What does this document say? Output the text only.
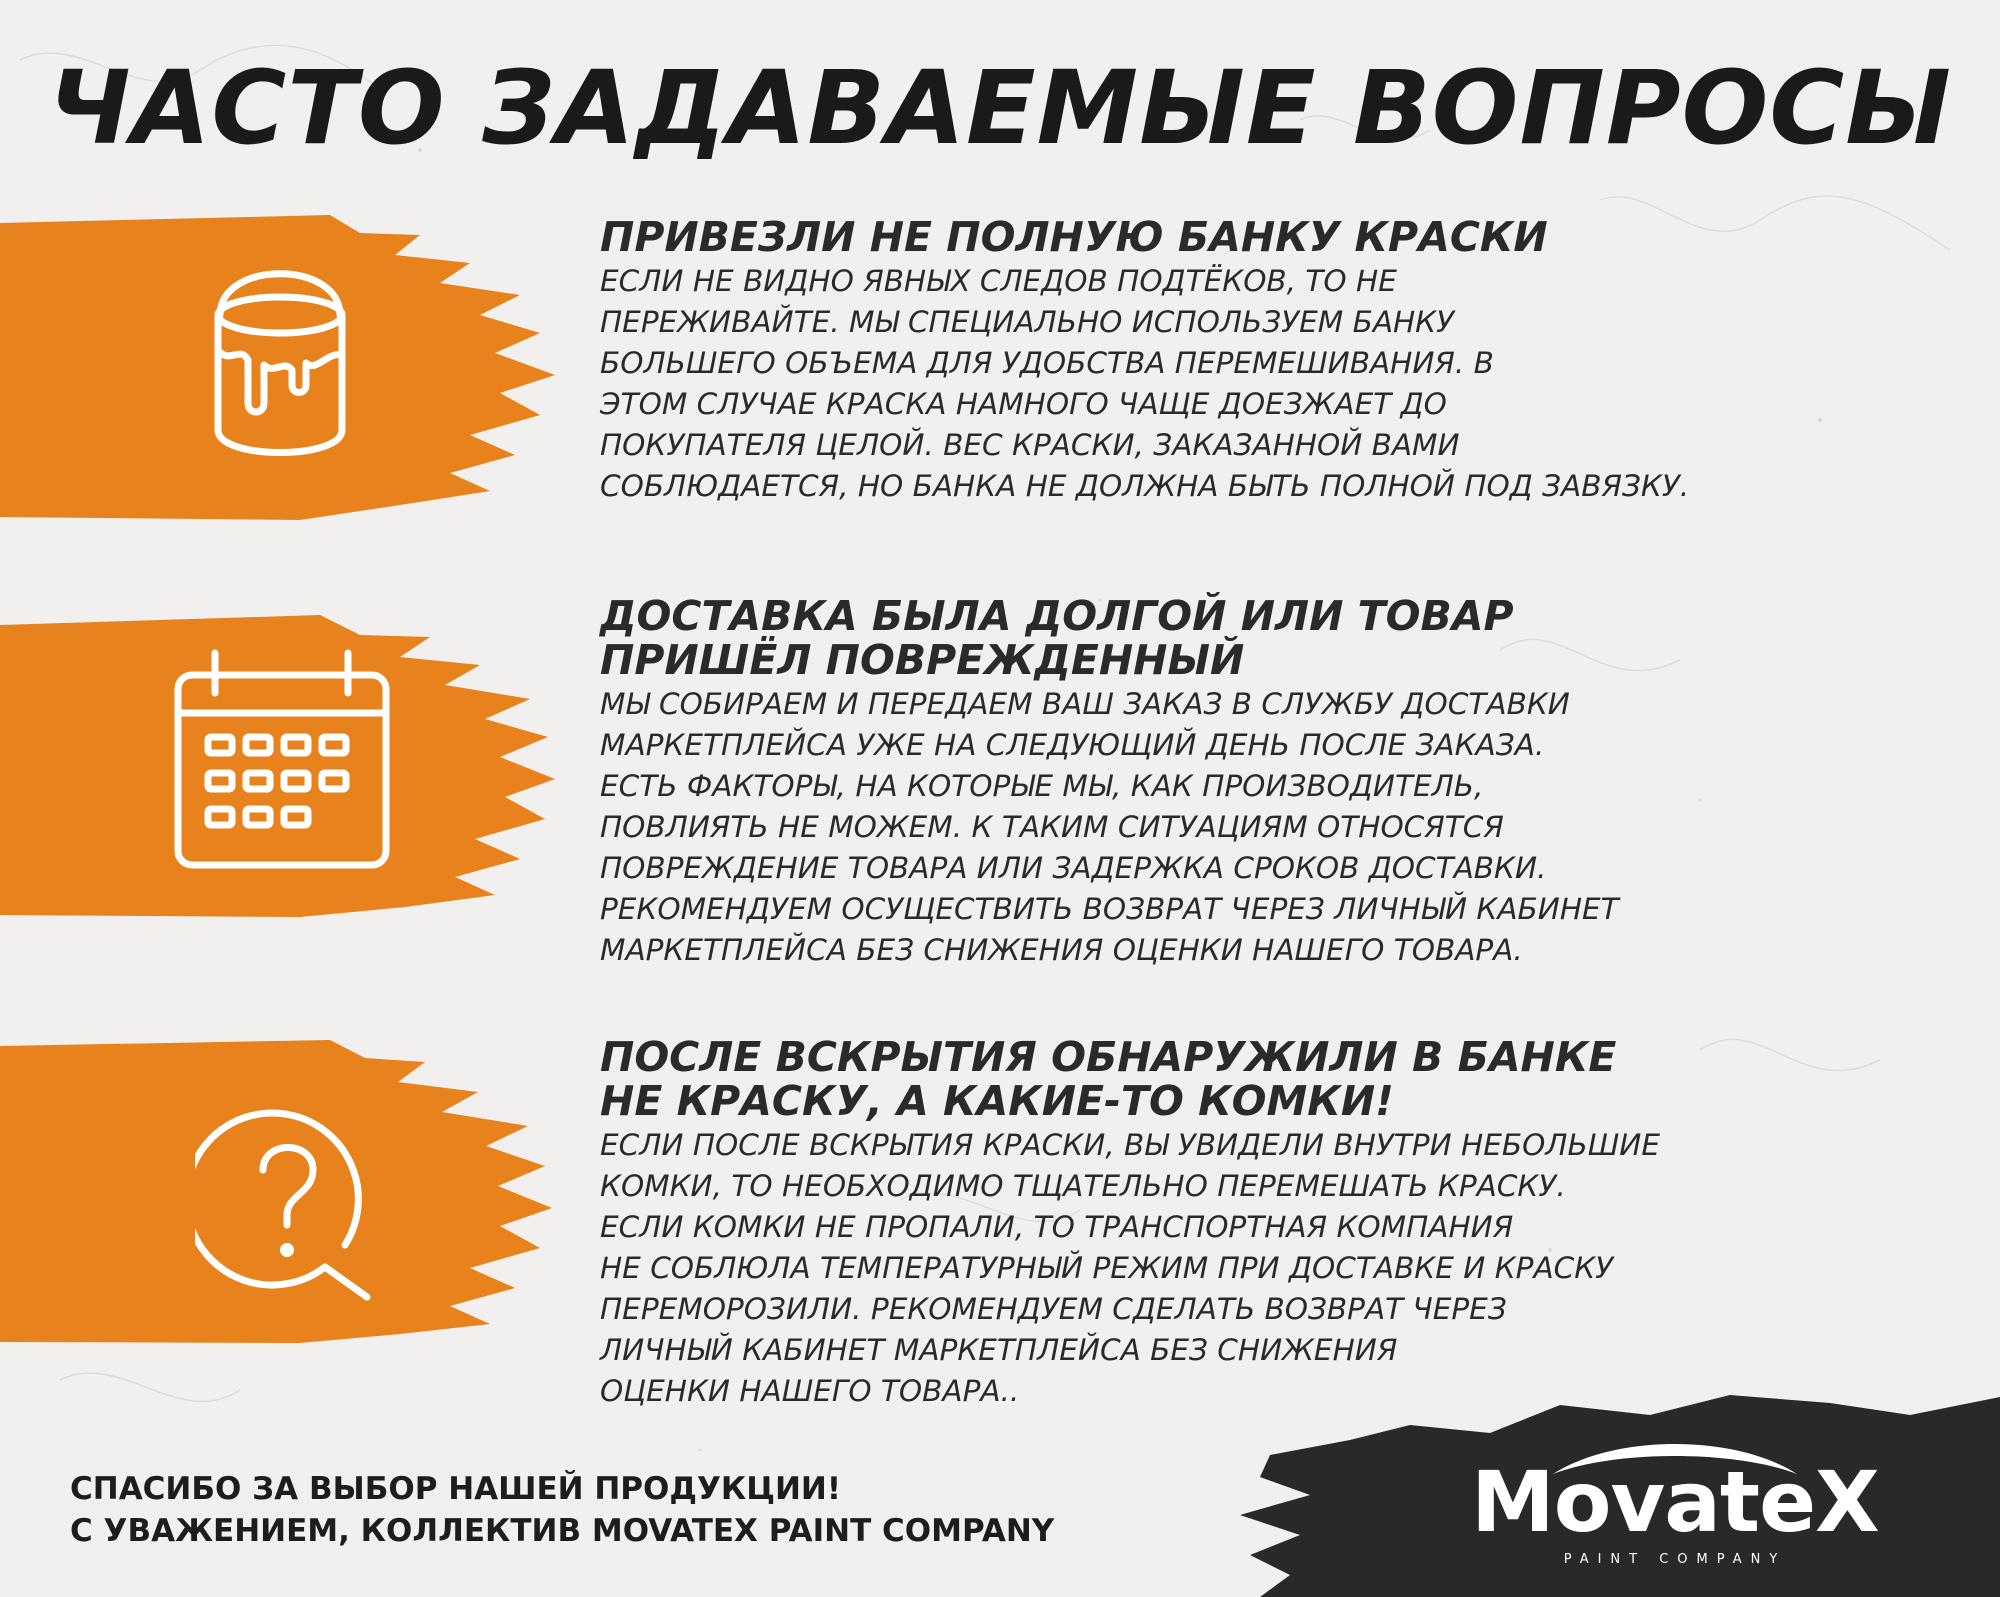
ЧАСТО ЗАДАВАЕМЫЕ ВОПРОСЫ

ПРИВЕЗЛИ НЕ ПОЛНУЮ БАНКУ КРАСКИ

ЕСЛИ НЕ ВИДНО ЯВНЫХ СЛЕДОВ ПОДТЁКОВ, ТО НЕ
ПЕРЕЖИВАЙТЕ. МЫ СПЕЦИАЛЬНО ИСПОЛЬЗУЕМ БАНКУ
БОЛЬШЕГО ОБЪЕМА ДЛЯ УДОБСТВА ПЕРЕМЕШИВАНИЯ. В
ЭТОМ СЛУЧАЕ КРАСКА НАМНОГО ЧАЩЕ ДОЕЗЖАЕТ ДО
ПОКУПАТЕЛЯ ЦЕЛОЙ. ВЕС КРАСКИ, ЗАКАЗАННОЙ ВАМИ
СОБЛЮДАЕТСЯ, НО БАНКА НЕ ДОЛЖНА БЫТЬ ПОЛНОЙ ПОД ЗАВЯЗКУ.

ДОСТАВКА БЫЛА ДОЛГОЙ ИЛИ ТОВАР
ПРИШЁЛ ПОВРЕЖДЕННЫЙ

МЫ СОБИРАЕМ И ПЕРЕДАЕМ ВАШ ЗАКАЗ В СЛУЖБУ ДОСТАВКИ
МАРКЕТПЛЕЙСА УЖЕ НА СЛЕДУЮЩИЙ ДЕНЬ ПОСЛЕ ЗАКАЗА.
ЕСТЬ ФАКТОРЫ, НА КОТОРЫЕ МЫ, КАК ПРОИЗВОДИТЕЛЬ,
ПОВЛИЯТЬ НЕ МОЖЕМ. К ТАКИМ СИТУАЦИЯМ ОТНОСЯТСЯ
ПОВРЕЖДЕНИЕ ТОВАРА ИЛИ ЗАДЕРЖКА СРОКОВ ДОСТАВКИ.
РЕКОМЕНДУЕМ ОСУЩЕСТВИТЬ ВОЗВРАТ ЧЕРЕЗ ЛИЧНЫЙ КАБИНЕТ
МАРКЕТПЛЕЙСА БЕЗ СНИЖЕНИЯ ОЦЕНКИ НАШЕГО ТОВАРА.

ПОСЛЕ ВСКРЫТИЯ ОБНАРУЖИЛИ В БАНКЕ
НЕ КРАСКУ, А КАКИЕ-ТО КОМКИ!

ЕСЛИ ПОСЛЕ ВСКРЫТИЯ КРАСКИ, ВЫ УВИДЕЛИ ВНУТРИ НЕБОЛЬШИЕ
КОМКИ, ТО НЕОБХОДИМО ТЩАТЕЛЬНО ПЕРЕМЕШАТЬ КРАСКУ.
ЕСЛИ КОМКИ НЕ ПРОПАЛИ, ТО ТРАНСПОРТНАЯ КОМПАНИЯ
НЕ СОБЛЮЛА ТЕМПЕРАТУРНЫЙ РЕЖИМ ПРИ ДОСТАВКЕ И КРАСКУ
ПЕРЕМОРОЗИЛИ. РЕКОМЕНДУЕМ СДЕЛАТЬ ВОЗВРАТ ЧЕРЕЗ
ЛИЧНЫЙ КАБИНЕТ МАРКЕТПЛЕЙСА БЕЗ СНИЖЕНИЯ
ОЦЕНКИ НАШЕГО ТОВАРА..

СПАСИБО ЗА ВЫБОР НАШЕЙ ПРОДУКЦИИ!
С УВАЖЕНИЕМ, КОЛЛЕКТИВ MOVATEX PAINT COMPANY	MovateX
PAINT COMPANY
